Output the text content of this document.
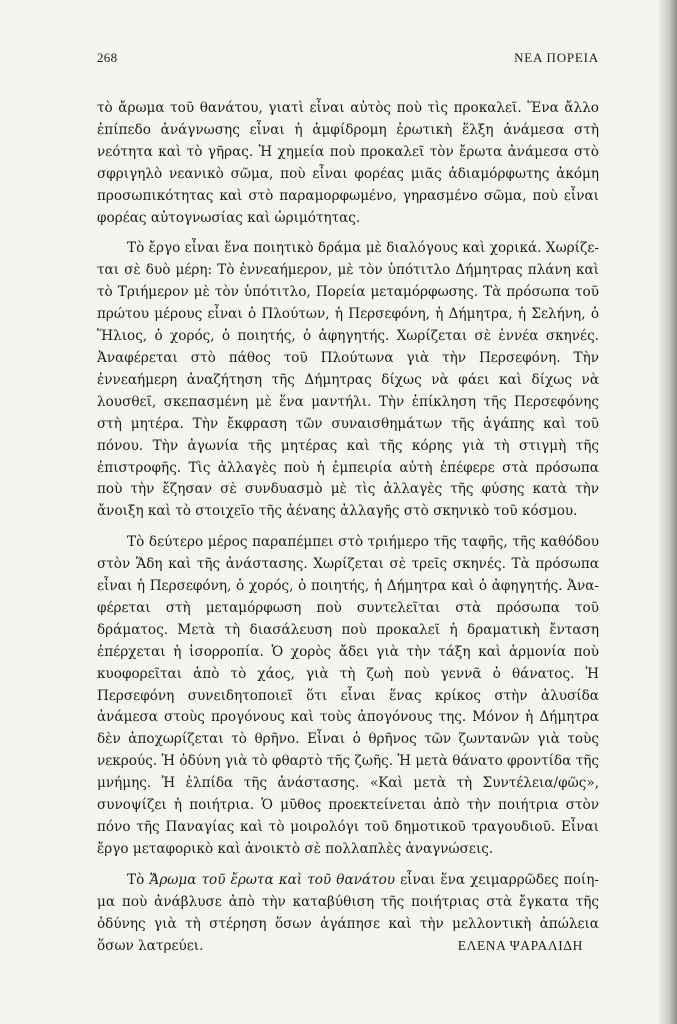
268	ΝΕΑ ΠΟΡΕΙΑ

τὸ ἄρωμα τοῦ θανάτου, γιατὶ εἶναι αὐτὸς ποὺ τὶς προκαλεῖ. Ἕνα ἄλλο ἐπίπεδο ἀνάγνωσης εἶναι ἡ ἀμφίδρομη ἐρωτικὴ ἕλξη ἀνάμεσα στὴ νεότητα καὶ τὸ γῆρας. Ἡ χημεία ποὺ προκαλεῖ τὸν ἔρωτα ἀνάμεσα στὸ σφριγηλὸ νεανικὸ σῶμα, ποὺ εἶναι φορέας μιᾶς ἀδιαμόρφωτης ἀκόμη προσωπικότητας καὶ στὸ παραμορφωμένο, γηρασμένο σῶμα, ποὺ εἶναι φορέας αὐτογνωσίας καὶ ὡριμότητας.

Τὸ ἔργο εἶναι ἕνα ποιητικὸ δράμα μὲ διαλόγους καὶ χορικά. Χωρίζεται σὲ δυὸ μέρη: Τὸ ἐννεαήμερον, μὲ τὸν ὑπότιτλο Δήμητρας πλάνη καὶ τὸ Τριήμερον μὲ τὸν ὑπότιτλο, Πορεία μεταμόρφωσης. Τὰ πρόσωπα τοῦ πρώτου μέρους εἶναι ὁ Πλούτων, ἡ Περσεφόνη, ἡ Δήμητρα, ἡ Σελήνη, ὁ Ἥλιος, ὁ χορός, ὁ ποιητής, ὁ ἀφηγητής. Χωρίζεται σὲ ἐννέα σκηνές. Ἀναφέρεται στὸ πάθος τοῦ Πλούτωνα γιὰ τὴν Περσεφόνη. Τὴν ἐννεαήμερη ἀναζήτηση τῆς Δήμητρας δίχως νὰ φάει καὶ δίχως νὰ λουσθεῖ, σκεπασμένη μὲ ἕνα μαντήλι. Τὴν ἐπίκληση τῆς Περσεφόνης στὴ μητέρα. Τὴν ἔκφραση τῶν συναισθημάτων τῆς ἀγάπης καὶ τοῦ πόνου. Τὴν ἀγωνία τῆς μητέρας καὶ τῆς κόρης γιὰ τὴ στιγμὴ τῆς ἐπιστροφῆς. Τὶς ἀλλαγὲς ποὺ ἡ ἐμπειρία αὐτὴ ἐπέφερε στὰ πρόσωπα ποὺ τὴν ἔζησαν σὲ συνδυασμὸ μὲ τὶς ἀλλαγὲς τῆς φύσης κατὰ τὴν ἄνοιξη καὶ τὸ στοιχεῖο τῆς ἀέναης ἀλλαγῆς στὸ σκηνικὸ τοῦ κόσμου.

Τὸ δεύτερο μέρος παραπέμπει στὸ τριήμερο τῆς ταφῆς, τῆς καθόδου στὸν Ἅδη καὶ τῆς ἀνάστασης. Χωρίζεται σὲ τρεῖς σκηνές. Τὰ πρόσωπα εἶναι ἡ Περσεφόνη, ὁ χορός, ὁ ποιητής, ἡ Δήμητρα καὶ ὁ ἀφηγητής. Ἀναφέρεται στὴ μεταμόρφωση ποὺ συντελεῖται στὰ πρόσωπα τοῦ δράματος. Μετὰ τὴ διασάλευση ποὺ προκαλεῖ ἡ δραματικὴ ἔνταση ἐπέρχεται ἡ ἰσορροπία. Ὁ χορὸς ἄδει γιὰ τὴν τάξη καὶ ἁρμονία ποὺ κυοφορεῖται ἀπὸ τὸ χάος, γιὰ τὴ ζωὴ ποὺ γεννᾶ ὁ θάνατος. Ἡ Περσεφόνη συνειδητοποιεῖ ὅτι εἶναι ἕνας κρίκος στὴν ἁλυσίδα ἀνάμεσα στοὺς προγόνους καὶ τοὺς ἀπογόνους της. Μόνον ἡ Δήμητρα δὲν ἀποχωρίζεται τὸ θρῆνο. Εἶναι ὁ θρῆνος τῶν ζωντανῶν γιὰ τοὺς νεκρούς. Ἡ ὀδύνη γιὰ τὸ φθαρτὸ τῆς ζωῆς. Ἡ μετὰ θάνατο φροντίδα τῆς μνήμης. Ἡ ἐλπίδα τῆς ἀνάστασης. «Καὶ μετὰ τὴ Συντέλεια/φῶς», συνοψίζει ἡ ποιήτρια. Ὁ μῦθος προεκτείνεται ἀπὸ τὴν ποιήτρια στὸν πόνο τῆς Παναγίας καὶ τὸ μοιρολόγι τοῦ δημοτικοῦ τραγουδιοῦ. Εἶναι ἔργο μεταφορικὸ καὶ ἀνοικτὸ σὲ πολλαπλὲς ἀναγνώσεις.

Τὸ Ἄρωμα τοῦ ἔρωτα καὶ τοῦ θανάτου εἶναι ἕνα χειμαρρῶδες ποίημα ποὺ ἀνάβλυσε ἀπὸ τὴν καταβύθιση τῆς ποιήτριας στὰ ἔγκατα τῆς ὀδύνης γιὰ τὴ στέρηση ὅσων ἀγάπησε καὶ τὴν μελλοντικὴ ἀπώλεια ὅσων λατρεύει.	ΕΛΕΝΑ ΨΑΡΑΛΙΔΗ
